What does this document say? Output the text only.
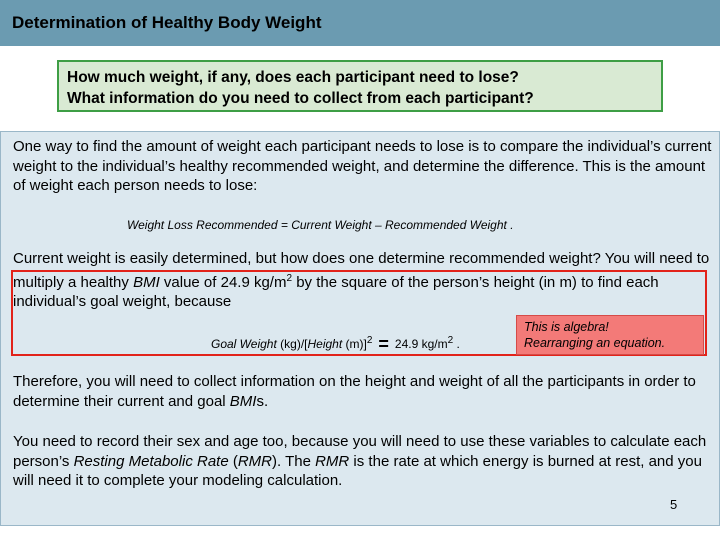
Determination of Healthy Body Weight
How much weight, if any, does each participant need to lose?
What information do you need to collect from each participant?

One way to find the amount of weight each participant needs to lose is to compare the individual’s current weight to the individual’s healthy recommended weight, and determine the difference. This is the amount of weight each person needs to lose:

Weight Loss Recommended = Current Weight – Recommended Weight .

Current weight is easily determined, but how does one determine recommended weight? You will need to multiply a healthy BMI value of 24.9 $kg/m^2$ by the square of the person’s height (in m) to find each individual’s goal weight, because

Goal Weight (kg)/[Height (m)]$^2$ = 24.9 $kg/m^2$ .
This is algebra!
Rearranging an equation.

Therefore, you will need to collect information on the height and weight of all the participants in order to determine their current and goal BMIs.

You need to record their sex and age too, because you will need to use these variables to calculate each person’s Resting Metabolic Rate (RMR). The RMR is the rate at which energy is burned at rest, and you will need it to complete your modeling calculation.

5
